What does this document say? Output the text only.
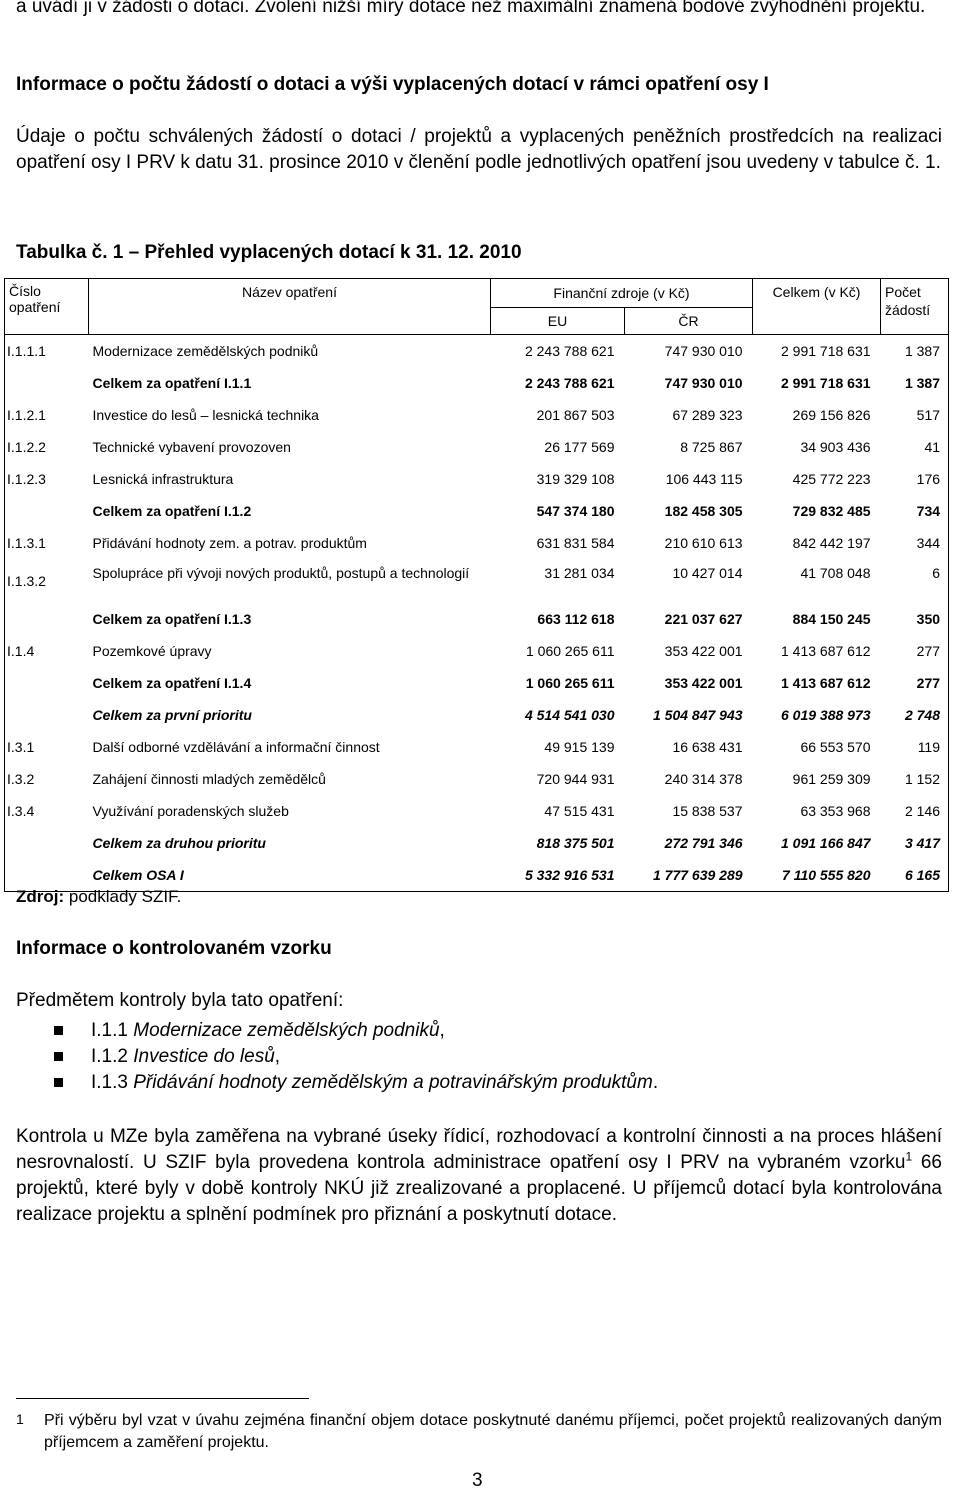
a uvádí ji v žádosti o dotaci. Zvolení nižší míry dotace než maximální znamená bodové zvýhodnění projektu.

Informace o počtu žádostí o dotaci a výši vyplacených dotací v rámci opatření osy I

Údaje o počtu schválených žádostí o dotaci / projektů a vyplacených peněžních prostředcích na realizaci opatření osy I PRV k datu 31. prosince 2010 v členění podle jednotlivých opatření jsou uvedeny v tabulce č. 1.

Tabulka č. 1 – Přehled vyplacených dotací k 31. 12. 2010

Číslo opatření	Název opatření	Finanční zdroje (v Kč)		Celkem (v Kč)	Počet žádostí
		EU	ČR		
I.1.1.1	Modernizace zemědělských podniků	2 243 788 621	747 930 010	2 991 718 631	1 387
	Celkem za opatření I.1.1	2 243 788 621	747 930 010	2 991 718 631	1 387
I.1.2.1	Investice do lesů – lesnická technika	201 867 503	67 289 323	269 156 826	517
I.1.2.2	Technické vybavení provozoven	26 177 569	8 725 867	34 903 436	41
I.1.2.3	Lesnická infrastruktura	319 329 108	106 443 115	425 772 223	176
	Celkem za opatření I.1.2	547 374 180	182 458 305	729 832 485	734
I.1.3.1	Přidávání hodnoty zem. a potrav. produktům	631 831 584	210 610 613	842 442 197	344
I.1.3.2	Spolupráce při vývoji nových produktů, postupů a technologií	31 281 034	10 427 014	41 708 048	6
	Celkem za opatření I.1.3	663 112 618	221 037 627	884 150 245	350
I.1.4	Pozemkové úpravy	1 060 265 611	353 422 001	1 413 687 612	277
	Celkem za opatření I.1.4	1 060 265 611	353 422 001	1 413 687 612	277
	Celkem za první prioritu	4 514 541 030	1 504 847 943	6 019 388 973	2 748
I.3.1	Další odborné vzdělávání a informační činnost	49 915 139	16 638 431	66 553 570	119
I.3.2	Zahájení činnosti mladých zemědělců	720 944 931	240 314 378	961 259 309	1 152
I.3.4	Využívání poradenských služeb	47 515 431	15 838 537	63 353 968	2 146
	Celkem za druhou prioritu	818 375 501	272 791 346	1 091 166 847	3 417
	Celkem OSA I	5 332 916 531	1 777 639 289	7 110 555 820	6 165

Zdroj: podklady SZIF.

Informace o kontrolovaném vzorku

Předmětem kontroly byla tato opatření:

I.1.1 Modernizace zemědělských podniků,
I.1.2 Investice do lesů,
I.1.3 Přidávání hodnoty zemědělským a potravinářským produktům.

Kontrola u MZe byla zaměřena na vybrané úseky řídicí, rozhodovací a kontrolní činnosti a na proces hlášení nesrovnalostí. U SZIF byla provedena kontrola administrace opatření osy I PRV na vybraném vzorku$^1$ 66 projektů, které byly v době kontroly NKÚ již zrealizované a proplacené. U příjemců dotací byla kontrolována realizace projektu a splnění podmínek pro přiznání a poskytnutí dotace.

1 Při výběru byl vzat v úvahu zejména finanční objem dotace poskytnuté danému příjemci, počet projektů realizovaných daným příjemcem a zaměření projektu.
3
